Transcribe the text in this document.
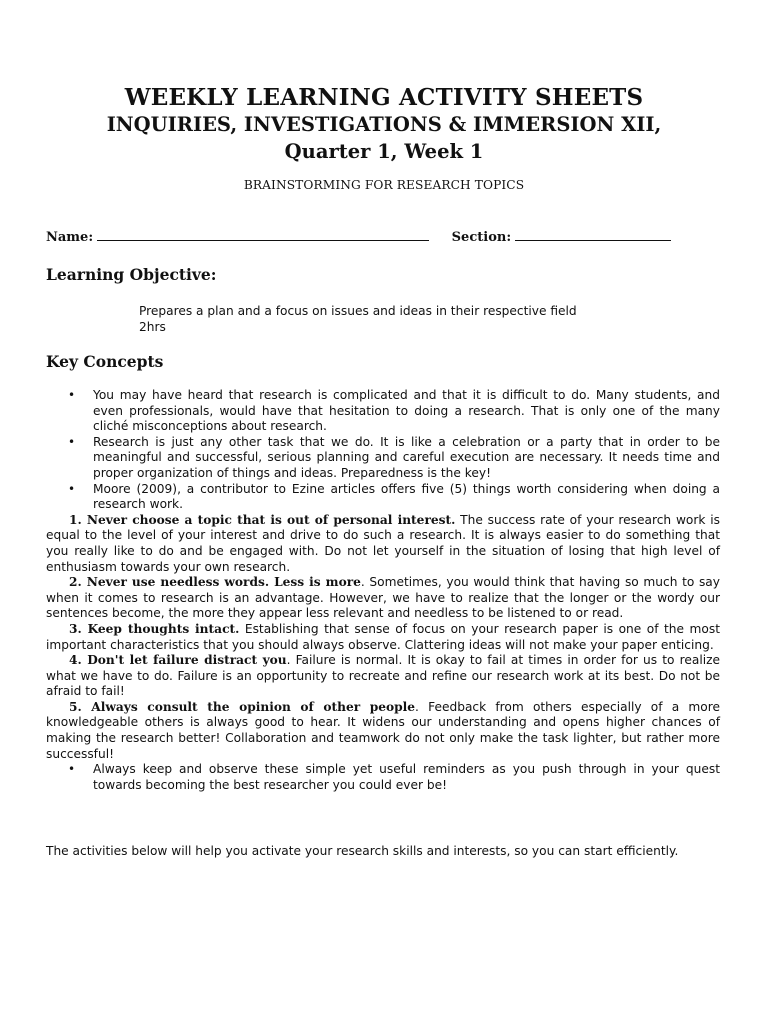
WEEKLY LEARNING ACTIVITY SHEETS
INQUIRIES, INVESTIGATIONS & IMMERSION XII,
Quarter 1, Week 1
BRAINSTORMING FOR RESEARCH TOPICS
Name:	Section:
Learning Objective:
Prepares a plan and a focus on issues and ideas in their respective field
2hrs
Key Concepts
• You may have heard that research is complicated and that it is difficult to do. Many students, and even professionals, would have that hesitation to doing a research. That is only one of the many cliché misconceptions about research.
• Research is just any other task that we do. It is like a celebration or a party that in order to be meaningful and successful, serious planning and careful execution are necessary. It needs time and proper organization of things and ideas. Preparedness is the key!
• Moore (2009), a contributor to Ezine articles offers five (5) things worth considering when doing a research work.

1. Never choose a topic that is out of personal interest. The success rate of your research work is equal to the level of your interest and drive to do such a research. It is always easier to do something that you really like to do and be engaged with. Do not let yourself in the situation of losing that high level of enthusiasm towards your own research.

2. Never use needless words. Less is more. Sometimes, you would think that having so much to say when it comes to research is an advantage. However, we have to realize that the longer or the wordy our sentences become, the more they appear less relevant and needless to be listened to or read.

3. Keep thoughts intact. Establishing that sense of focus on your research paper is one of the most important characteristics that you should always observe. Clattering ideas will not make your paper enticing.

4. Don't let failure distract you. Failure is normal. It is okay to fail at times in order for us to realize what we have to do. Failure is an opportunity to recreate and refine our research work at its best. Do not be afraid to fail!

5. Always consult the opinion of other people. Feedback from others especially of a more knowledgeable others is always good to hear. It widens our understanding and opens higher chances of making the research better! Collaboration and teamwork do not only make the task lighter, but rather more successful!

• Always keep and observe these simple yet useful reminders as you push through in your quest towards becoming the best researcher you could ever be!
The activities below will help you activate your research skills and interests, so you can start efficiently.
